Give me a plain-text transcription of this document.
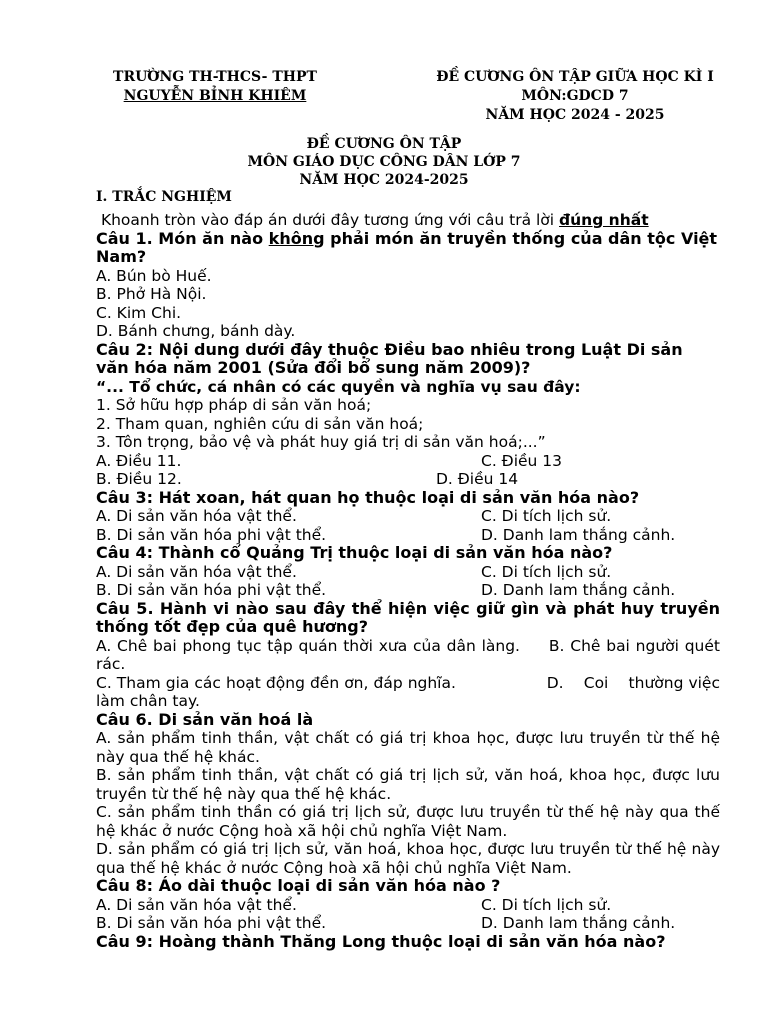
TRƯỜNG TH-THCS- THPT
NGUYỄN BỈNH KHIÊM
ĐỀ CƯƠNG ÔN TẬP GIỮA HỌC KÌ I
MÔN:GDCD 7
NĂM HỌC 2024 - 2025
ĐỀ CƯƠNG ÔN TẬP
MÔN GIÁO DỤC CÔNG DÂN LỚP 7
NĂM HỌC 2024-2025
I. TRẮC NGHIỆM
Khoanh tròn vào đáp án dưới đây tương ứng với câu trả lời đúng nhất
Câu 1. Món ăn nào không phải món ăn truyền thống của dân tộc Việt Nam?
A. Bún bò Huế.
B. Phở Hà Nội.
C. Kim Chi.
D. Bánh chưng, bánh dày.
Câu 2: Nội dung dưới đây thuộc Điều bao nhiêu trong Luật Di sản văn hóa năm 2001 (Sửa đổi bổ sung năm 2009)?
“... Tổ chức, cá nhân có các quyền và nghĩa vụ sau đây:
1. Sở hữu hợp pháp di sản văn hoá;
2. Tham quan, nghiên cứu di sản văn hoá;
3. Tôn trọng, bảo vệ và phát huy giá trị di sản văn hoá;...”
A. Điều 11.	C. Điều 13
B. Điều 12.	D. Điều 14
Câu 3: Hát xoan, hát quan họ thuộc loại di sản văn hóa nào?
A. Di sản văn hóa vật thể.	C. Di tích lịch sử.
B. Di sản văn hóa phi vật thể.	D. Danh lam thắng cảnh.
Câu 4: Thành cổ Quảng Trị thuộc loại di sản văn hóa nào?
A. Di sản văn hóa vật thể.	C. Di tích lịch sử.
B. Di sản văn hóa phi vật thể.	D. Danh lam thắng cảnh.
Câu 5. Hành vi nào sau đây thể hiện việc giữ gìn và phát huy truyền thống tốt đẹp của quê hương?
A. Chê bai phong tục tập quán thời xưa của dân làng.     B. Chê bai người quét rác.
C. Tham gia các hoạt động đền ơn, đáp nghĩa.                  D.    Coi    thường việc làm chân tay.
Câu 6. Di sản văn hoá là
A. sản phẩm tinh thần, vật chất có giá trị khoa học, được lưu truyền từ thế hệ này qua thế hệ khác.
B. sản phẩm tinh thần, vật chất có giá trị lịch sử, văn hoá, khoa học, được lưu truyền từ thế hệ này qua thế hệ khác.
C. sản phẩm tinh thần có giá trị lịch sử, được lưu truyền từ thế hệ này qua thế hệ khác ở nước Cộng hoà xã hội chủ nghĩa Việt Nam.
D. sản phẩm có giá trị lịch sử, văn hoá, khoa học, được lưu truyền từ thế hệ này qua thế hệ khác ở nước Cộng hoà xã hội chủ nghĩa Việt Nam.
Câu 8: Áo dài thuộc loại di sản văn hóa nào ?
A. Di sản văn hóa vật thể.	C. Di tích lịch sử.
B. Di sản văn hóa phi vật thể.	D. Danh lam thắng cảnh.
Câu 9: Hoàng thành Thăng Long thuộc loại di sản văn hóa nào?
